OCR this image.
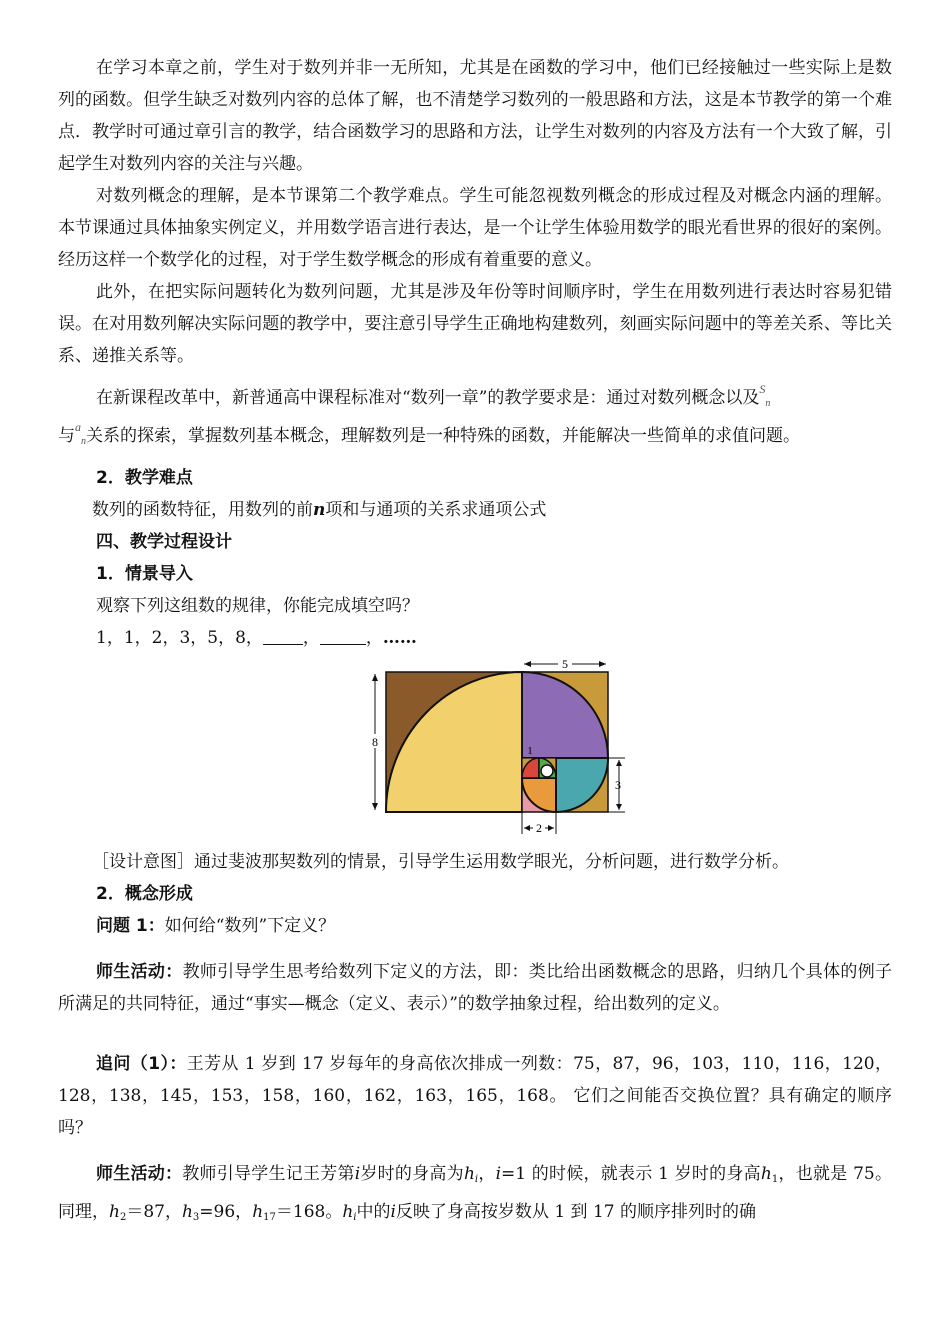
在学习本章之前，学生对于数列并非一无所知，尤其是在函数的学习中，他们已经接触过一些实际上是数列的函数。但学生缺乏对数列内容的总体了解，也不清楚学习数列的一般思路和方法，这是本节教学的第一个难点．教学时可通过章引言的教学，结合函数学习的思路和方法，让学生对数列的内容及方法有一个大致了解，引起学生对数列内容的关注与兴趣。

对数列概念的理解，是本节课第二个教学难点。学生可能忽视数列概念的形成过程及对概念内涵的理解。本节课通过具体抽象实例定义，并用数学语言进行表达，是一个让学生体验用数学的眼光看世界的很好的案例。经历这样一个数学化的过程，对于学生数学概念的形成有着重要的意义。

此外，在把实际问题转化为数列问题，尤其是涉及年份等时间顺序时，学生在用数列进行表达时容易犯错误。在对用数列解决实际问题的教学中，要注意引导学生正确地构建数列，刻画实际问题中的等差关系、等比关系、递推关系等。

在新课程改革中，新普通高中课程标准对“数列一章”的教学要求是：通过对数列概念以及$^S_n$
与$^a_n$关系的探索，掌握数列基本概念，理解数列是一种特殊的函数，并能解决一些简单的求值问题。

2．教学难点

数列的函数特征，用数列的前n项和与通项的关系求通项公式

四、教学过程设计

1．情景导入

观察下列这组数的规律，你能完成填空吗？

1，1，2，3，5，8， ，	，……

5
8
1
3
2

［设计意图］通过斐波那契数列的情景，引导学生运用数学眼光，分析问题，进行数学分析。

2．概念形成

问题 1：如何给“数列”下定义？

师生活动：教师引导学生思考给数列下定义的方法，即：类比给出函数概念的思路，归纳几个具体的例子所满足的共同特征，通过“事实—概念（定义、表示）”的数学抽象过程，给出数列的定义。

追问（1）：王芳从 1 岁到 17 岁每年的身高依次排成一列数：75，87，96，103，110，116，120，128，138，145，153，158，160，162，163，165，168。 它们之间能否交换位置？具有确定的顺序吗？

师生活动：教师引导学生记王芳第i岁时的身高为$h_i$，i=1 的时候，就表示 1 岁时的身高$h_1$，也就是 75。同理，$h_2=87$，$h_3=96$，$h_{17}=168$。$h_i$中的i反映了身高按岁数从 1 到 17 的顺序排列时的确
